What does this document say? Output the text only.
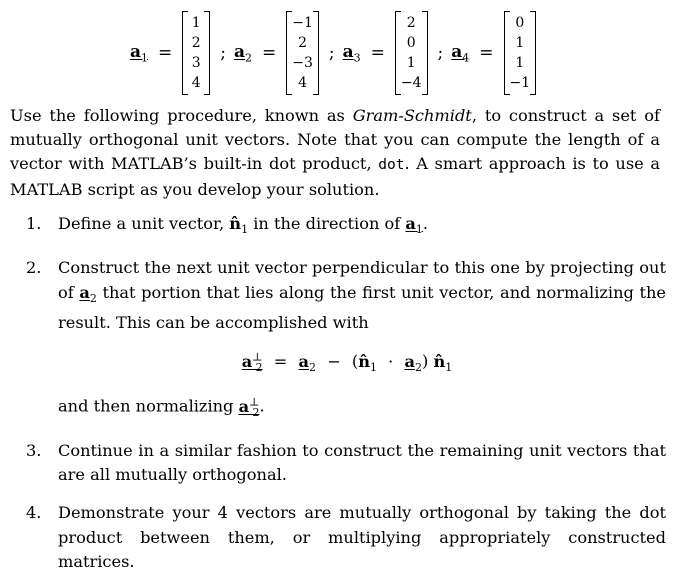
$a_1$ =
1
2
3
4
; $a_2$ =
−1
2
−3
4
; $a_3$ =
2
0
1
−4
; $a_4$ =
0
1
1
−1

Use the following procedure, known as Gram-Schmidt, to construct a set of mutually orthogonal unit vectors. Note that you can compute the length of a vector with MATLAB’s built-in dot product, dot. A smart approach is to use a MATLAB script as you develop your solution.

1. Define a unit vector, $n̂_1$ in the direction of $a_1$.
2. Construct the next unit vector perpendicular to this one by projecting out of $a_2$ that portion that lies along the first unit vector, and normalizing the result. This can be accomplished with
$a^\perp_2 = a_2$ − $(n̂_1 \cdot a_2)$ $n̂_1$
and then normalizing $a^\perp_2$.
3. Continue in a similar fashion to construct the remaining unit vectors that are all mutually orthogonal.
4. Demonstrate your 4 vectors are mutually orthogonal by taking the dot product between them, or multiplying appropriately constructed matrices.
